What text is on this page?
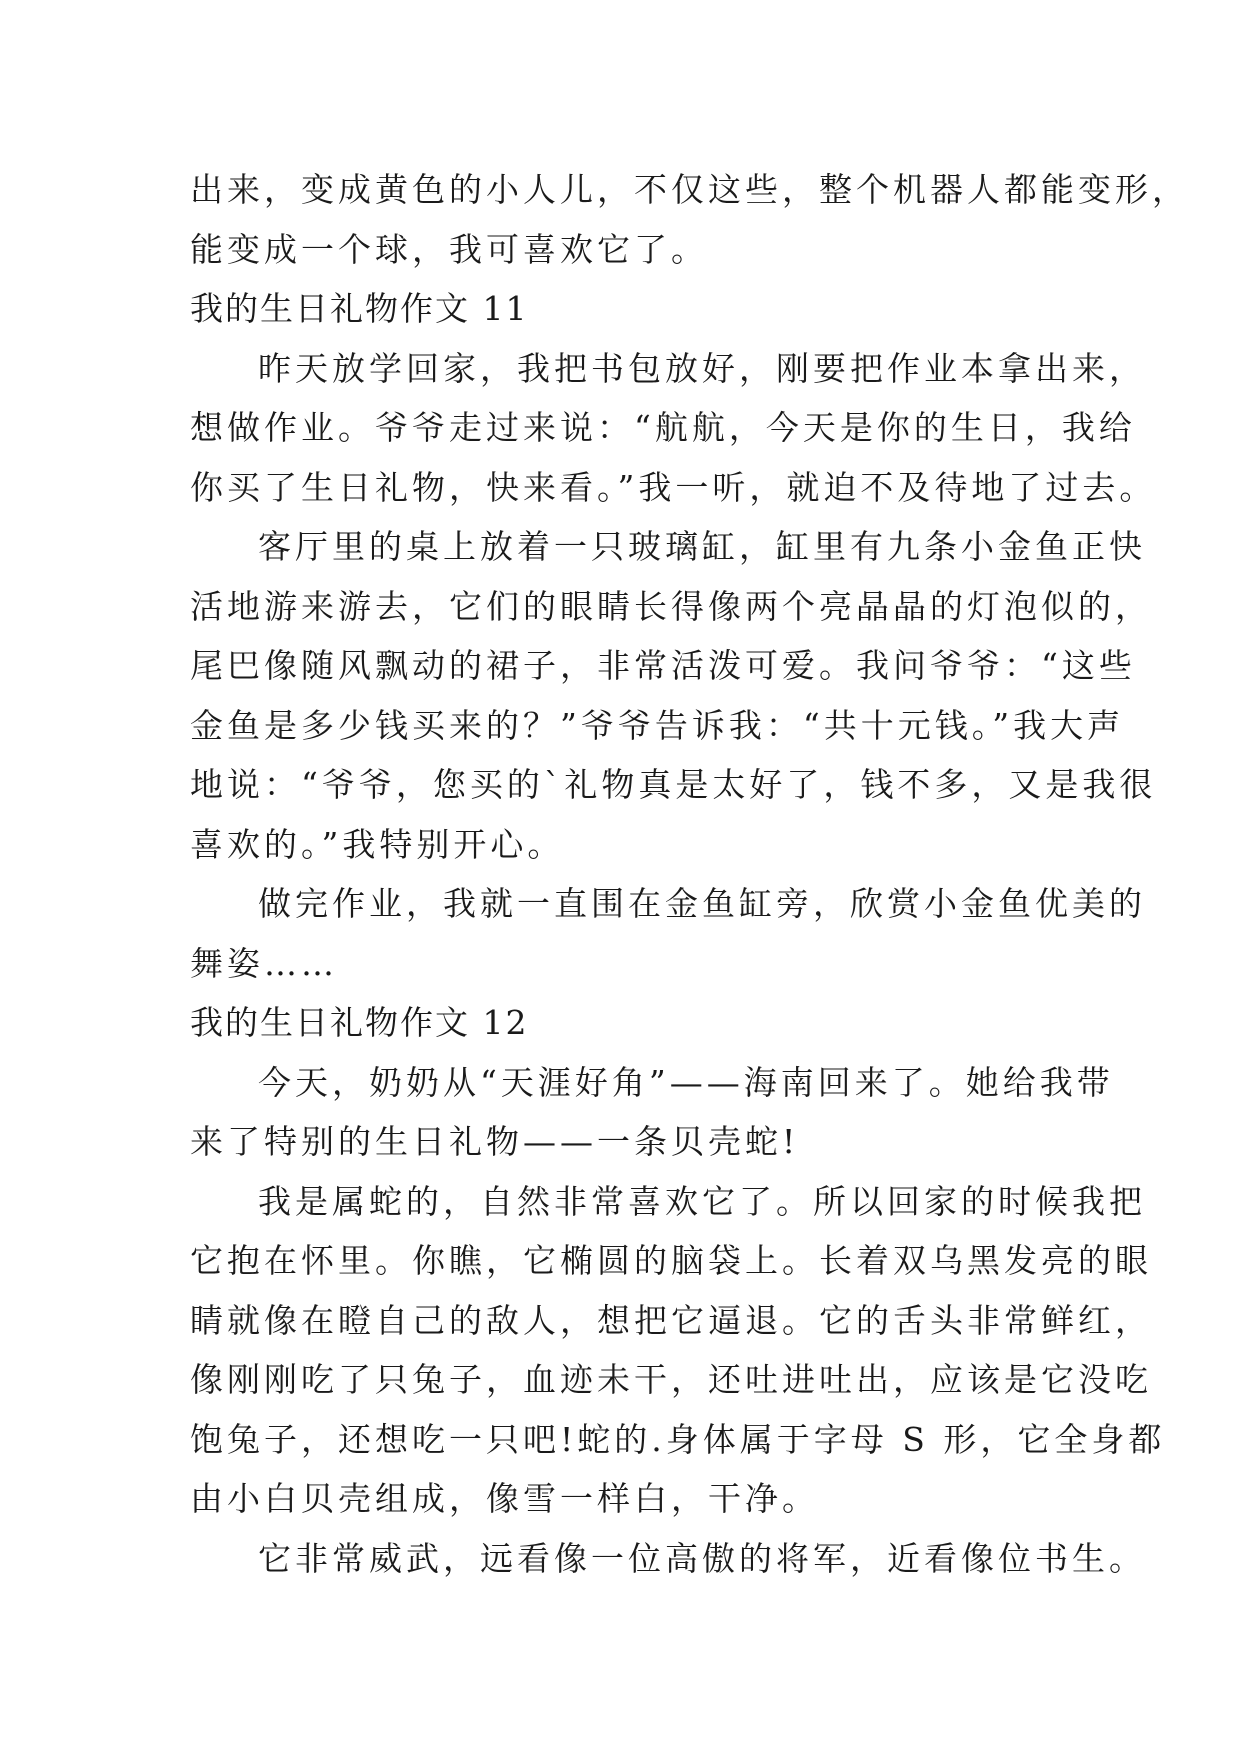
出来，变成黄色的小人儿，不仅这些，整个机器人都能变形，
能变成一个球，我可喜欢它了。
我的生日礼物作文 11
昨天放学回家，我把书包放好，刚要把作业本拿出来，
想做作业。爷爷走过来说：“航航，今天是你的生日，我给
你买了生日礼物，快来看。”我一听，就迫不及待地了过去。
客厅里的桌上放着一只玻璃缸，缸里有九条小金鱼正快
活地游来游去，它们的眼睛长得像两个亮晶晶的灯泡似的，
尾巴像随风飘动的裙子，非常活泼可爱。我问爷爷：“这些
金鱼是多少钱买来的？”爷爷告诉我：“共十元钱。”我大声
地说：“爷爷，您买的`礼物真是太好了，钱不多，又是我很
喜欢的。”我特别开心。
做完作业，我就一直围在金鱼缸旁，欣赏小金鱼优美的
舞姿……
我的生日礼物作文 12
今天，奶奶从“天涯好角”——海南回来了。她给我带
来了特别的生日礼物——一条贝壳蛇!
我是属蛇的，自然非常喜欢它了。所以回家的时候我把
它抱在怀里。你瞧，它椭圆的脑袋上。长着双乌黑发亮的眼
睛就像在瞪自己的敌人，想把它逼退。它的舌头非常鲜红，
像刚刚吃了只兔子，血迹未干，还吐进吐出，应该是它没吃
饱兔子，还想吃一只吧!蛇的.身体属于字母 S 形，它全身都
由小白贝壳组成，像雪一样白，干净。
它非常威武，远看像一位高傲的将军，近看像位书生。
